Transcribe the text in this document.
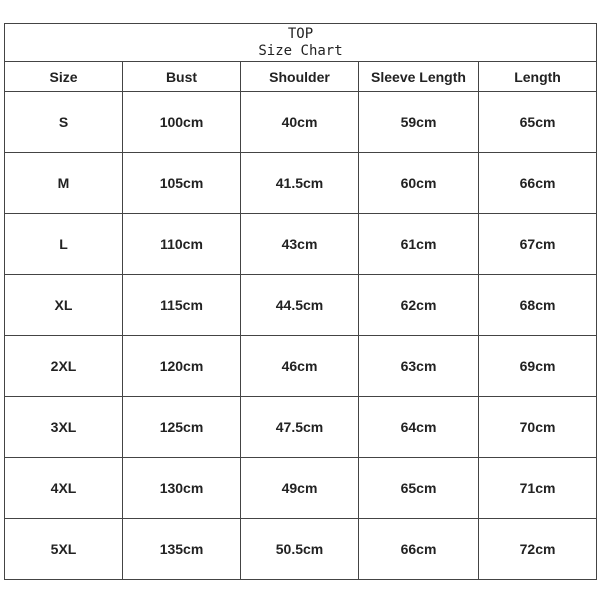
TOP
Size Chart				

Size	Bust	Shoulder	Sleeve Length	Length
S	100cm	40cm	59cm	65cm
M	105cm	41.5cm	60cm	66cm
L	110cm	43cm	61cm	67cm
XL	115cm	44.5cm	62cm	68cm
2XL	120cm	46cm	63cm	69cm
3XL	125cm	47.5cm	64cm	70cm
4XL	130cm	49cm	65cm	71cm
5XL	135cm	50.5cm	66cm	72cm
